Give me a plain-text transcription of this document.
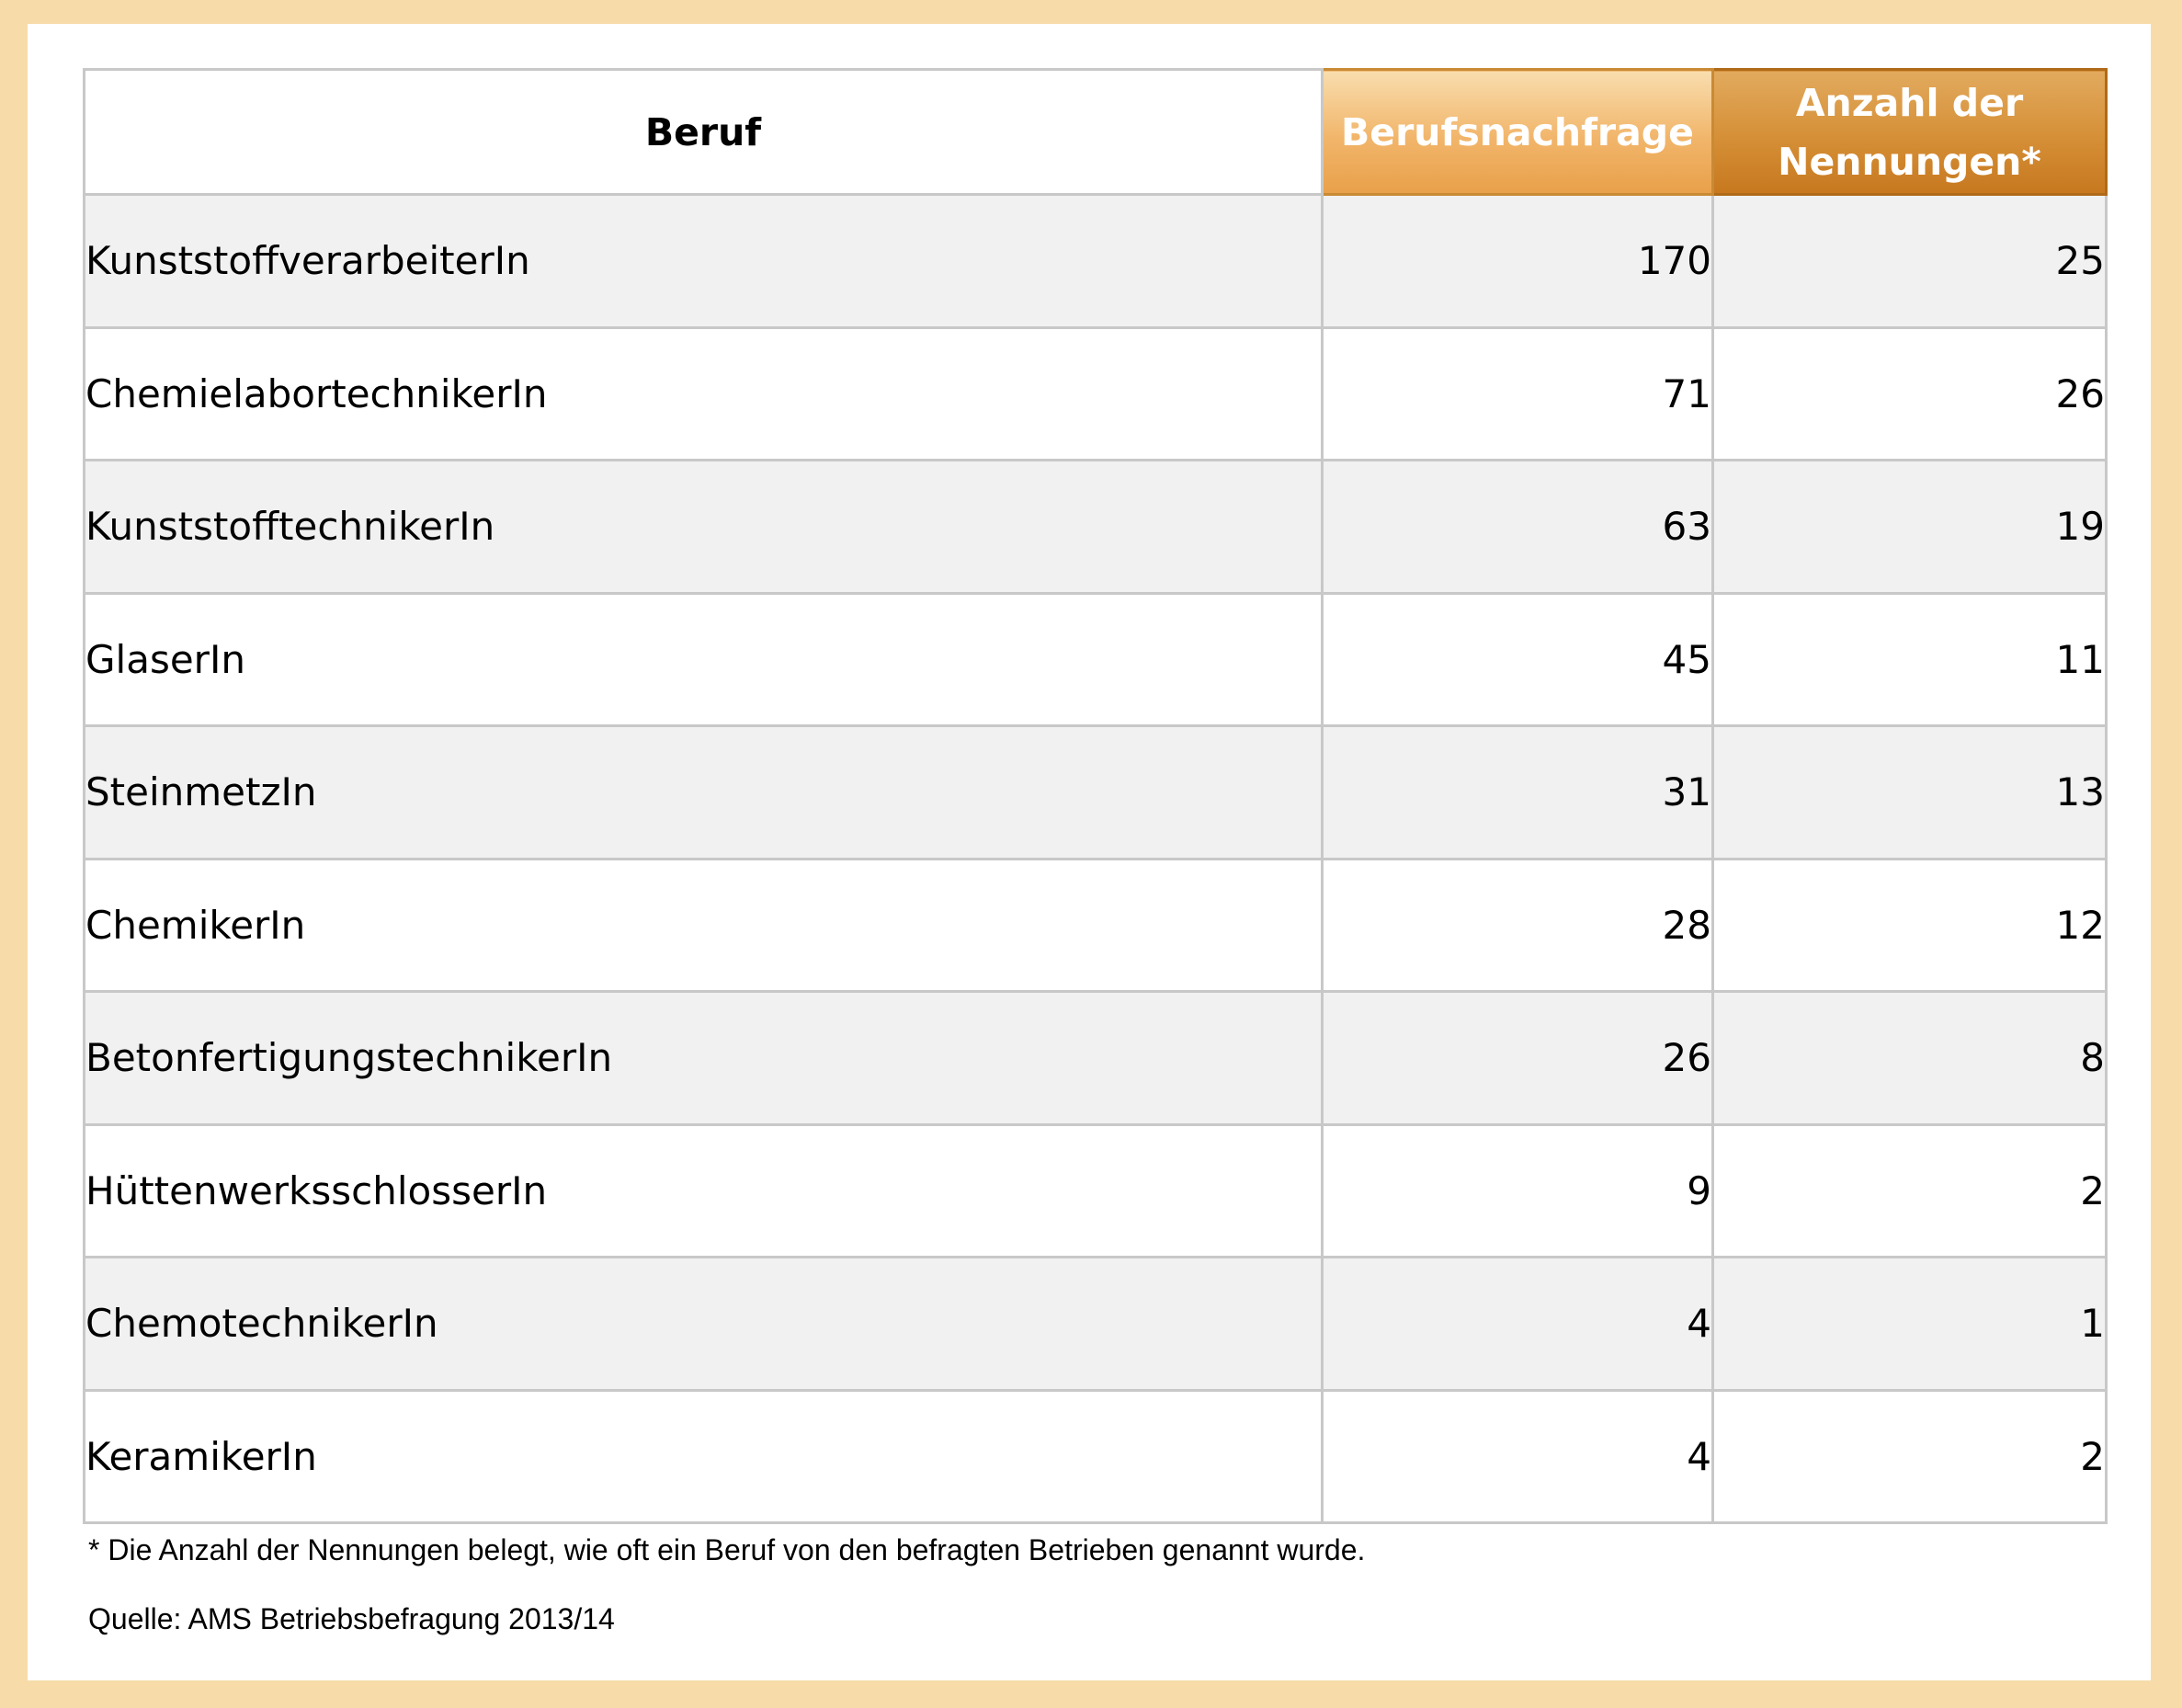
Beruf	Berufsnachfrage	Anzahl der
Nennungen*
KunststoffverarbeiterIn	170	25
ChemielabortechnikerIn	71	26
KunststofftechnikerIn	63	19
GlaserIn	45	11
SteinmetzIn	31	13
ChemikerIn	28	12
BetonfertigungstechnikerIn	26	8
HüttenwerksschlosserIn	9	2
ChemotechnikerIn	4	1
KeramikerIn	4	2
* Die Anzahl der Nennungen belegt, wie oft ein Beruf von den befragten Betrieben genannt wurde.
Quelle: AMS Betriebsbefragung 2013/14
